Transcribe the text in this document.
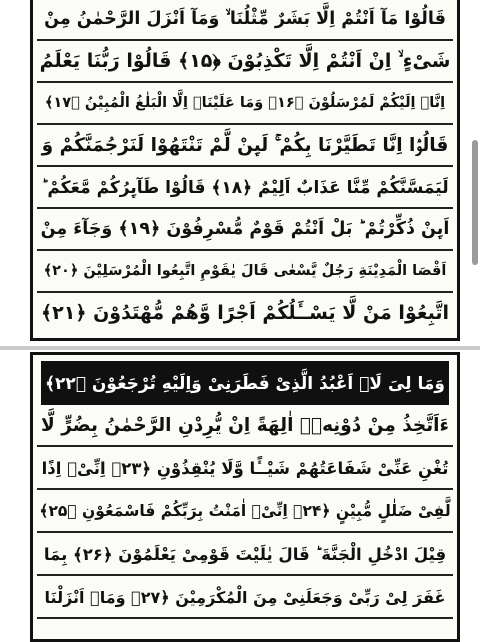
قَالُوْا مَآ اَنْتُمْ اِلَّا بَشَرٌ مِّثْلُنَا ۙ وَمَآ اَنْزَلَ الرَّحْمٰنُ مِنْ
شَیْءٍ ۙ اِنْ اَنْتُمْ اِلَّا تَكْذِبُوْنَ ﴿۱۵﴾ قَالُوْا رَبُّنَا یَعْلَمُ
اِنَّاۤ اِلَیْكُمْ لَمُرْسَلُوْنَ ﴿۱۶﴾ وَمَا عَلَیْنَاۤ اِلَّا الْبَلٰغُ الْمُبِیْنُ ﴿۱۷﴾
قَالُوْۤا اِنَّا تَطَیَّرْنَا بِكُمْ ۚ لَىِٕنْ لَّمْ تَنْتَهُوْا لَنَرْجُمَنَّكُمْ وَ
لَیَمَسَّنَّكُمْ مِّنَّا عَذَابٌ اَلِیْمٌ ﴿۱۸﴾ قَالُوْا طَآىِٕرُكُمْ مَّعَكُمْ ؕ
اَىِٕنْ ذُكِّرْتُمْ ؕ بَلْ اَنْتُمْ قَوْمٌ مُّسْرِفُوْنَ ﴿۱۹﴾ وَجَآءَ مِنْ
اَقْصَا الْمَدِیْنَةِ رَجُلٌ یَّسْعٰى قَالَ یٰقَوْمِ اتَّبِعُوا الْمُرْسَلِیْنَ ﴿۲۰﴾
اتَّبِعُوْا مَنْ لَّا یَسْــَٔلُكُمْ اَجْرًا وَّهُمْ مُّهْتَدُوْنَ ﴿۲۱﴾
وَمَا لِیَ لَاۤ اَعْبُدُ الَّذِیْ فَطَرَنِیْ وَاِلَیْهِ تُرْجَعُوْنَ ﴿۲۲﴾
ءَاَتَّخِذُ مِنْ دُوْنِهٖۤ اٰلِهَةً اِنْ یُّرِدْنِ الرَّحْمٰنُ بِضُرٍّ لَّا
تُغْنِ عَنِّیْ شَفَاعَتُهُمْ شَیْــًٔا وَّلَا یُنْقِذُوْنِ ﴿۲۳﴾ اِنِّیْۤ اِذًا
لَّفِیْ ضَلٰلٍ مُّبِیْنٍ ﴿۲۴﴾ اِنِّیْۤ اٰمَنْتُ بِرَبِّكُمْ فَاسْمَعُوْنِ ﴿۲۵﴾
قِیْلَ ادْخُلِ الْجَنَّةَ ؕ قَالَ یٰلَیْتَ قَوْمِیْ یَعْلَمُوْنَ ﴿۲۶﴾ بِمَا
غَفَرَ لِیْ رَبِّیْ وَجَعَلَنِیْ مِنَ الْمُكْرَمِیْنَ ﴿۲۷﴾ وَمَاۤ اَنْزَلْنَا
